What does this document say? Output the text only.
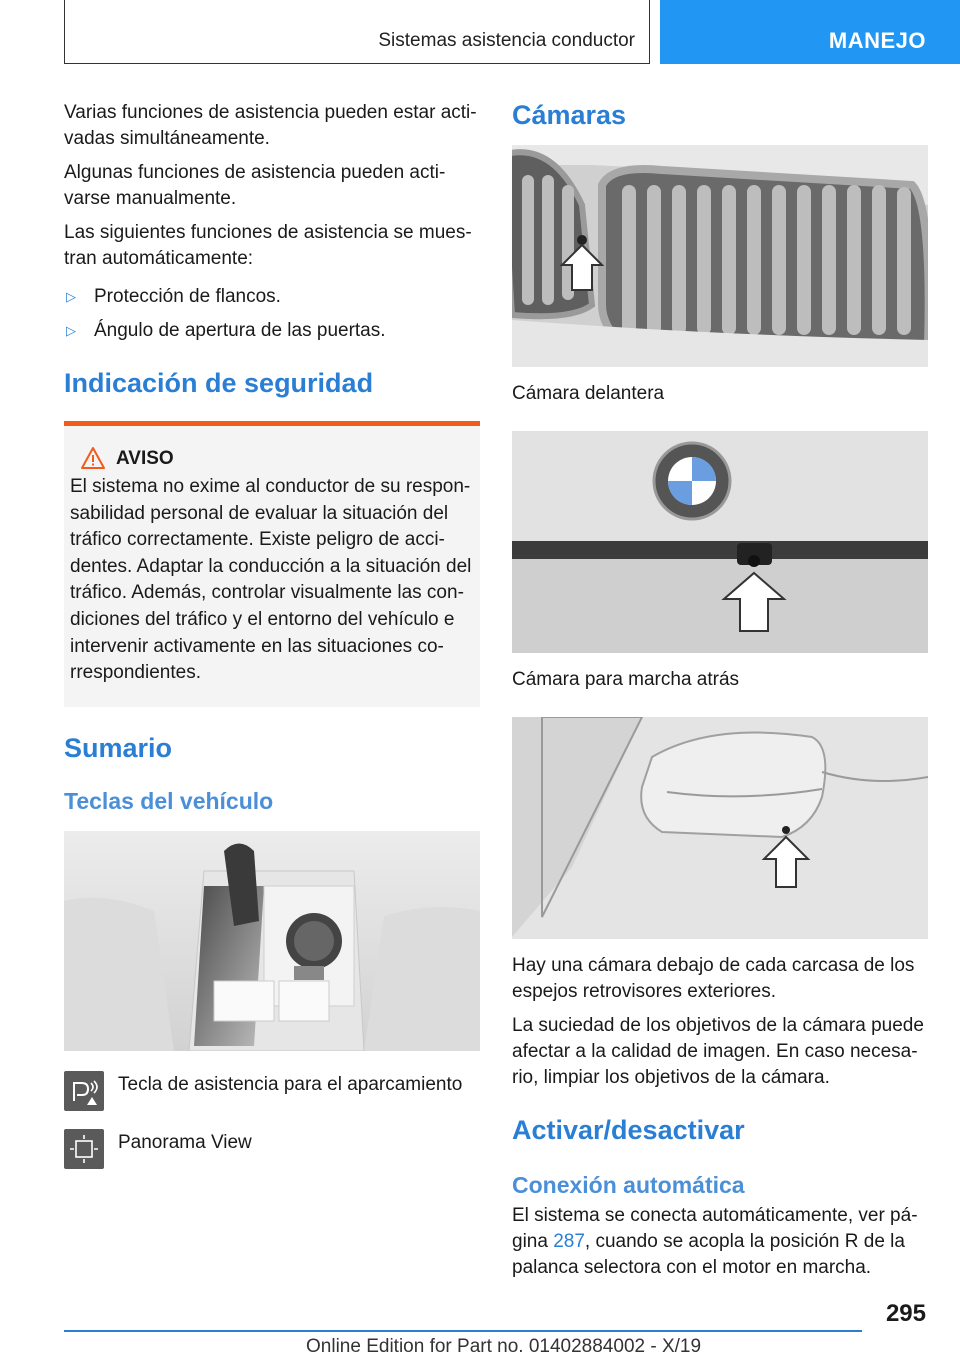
Sistemas asistencia conductor	MANEJO

Varias funciones de asistencia pueden estar acti-vadas simultáneamente.

Algunas funciones de asistencia pueden acti-varse manualmente.

Las siguientes funciones de asistencia se mues-tran automáticamente:

▷ Protección de flancos.
▷ Ángulo de apertura de las puertas.
Indicación de seguridad
AVISO
El sistema no exime al conductor de su respon-sabilidad personal de evaluar la situación del tráfico correctamente. Existe peligro de acci-dentes. Adaptar la conducción a la situación del tráfico. Además, controlar visualmente las con-diciones del tráfico y el entorno del vehículo e intervenir activamente en las situaciones co-rrespondientes.
Sumario
Teclas del vehículo
Tecla de asistencia para el aparcamiento
Panorama View
Cámaras
Cámara delantera
Cámara para marcha atrás

Hay una cámara debajo de cada carcasa de los espejos retrovisores exteriores.

La suciedad de los objetivos de la cámara puede afectar a la calidad de imagen. En caso necesa-rio, limpiar los objetivos de la cámara.

Activar/desactivar
Conexión automática

El sistema se conecta automáticamente, ver pá-gina 287, cuando se acopla la posición R de la palanca selectora con el motor en marcha.

295
Online Edition for Part no. 01402884002 - X/19
